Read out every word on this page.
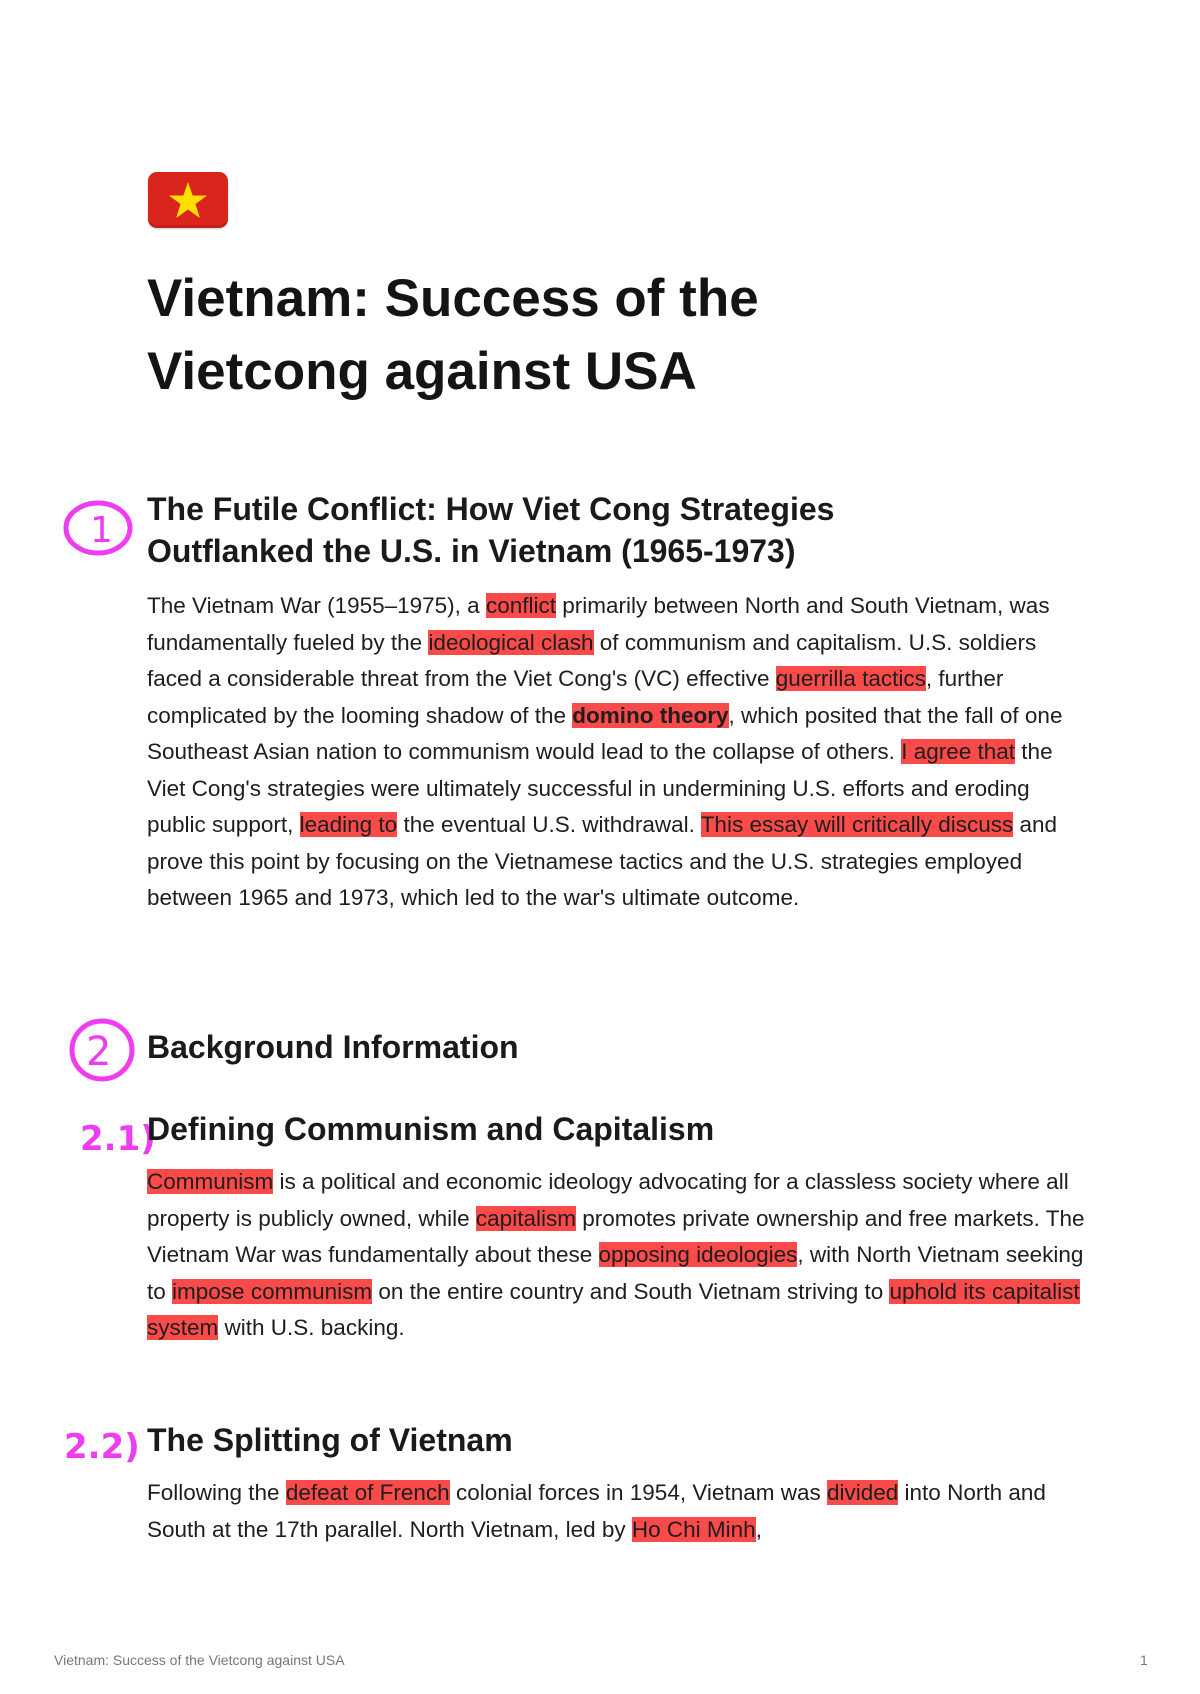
Vietnam: Success of the
Vietcong against USA
1
The Futile Conflict: How Viet Cong Strategies
Outflanked the U.S. in Vietnam (1965-1973)

The Vietnam War (1955–1975), a conflict primarily between North and South Vietnam, was fundamentally fueled by the ideological clash of communism and capitalism. U.S. soldiers faced a considerable threat from the Viet Cong's (VC) effective guerrilla tactics, further complicated by the looming shadow of the domino theory, which posited that the fall of one Southeast Asian nation to communism would lead to the collapse of others. I agree that the Viet Cong's strategies were ultimately successful in undermining U.S. efforts and eroding public support, leading to the eventual U.S. withdrawal. This essay will critically discuss and prove this point by focusing on the Vietnamese tactics and the U.S. strategies employed between 1965 and 1973, which led to the war's ultimate outcome.

2 Background Information
2.1)
Defining Communism and Capitalism

Communism is a political and economic ideology advocating for a classless society where all property is publicly owned, while capitalism promotes private ownership and free markets. The Vietnam War was fundamentally about these opposing ideologies, with North Vietnam seeking to impose communism on the entire country and South Vietnam striving to uphold its capitalist system with U.S. backing.

2.2) The Splitting of Vietnam

Following the defeat of French colonial forces in 1954, Vietnam was divided into North and South at the 17th parallel. North Vietnam, led by Ho Chi Minh,

Vietnam: Success of the Vietcong against USA	1
